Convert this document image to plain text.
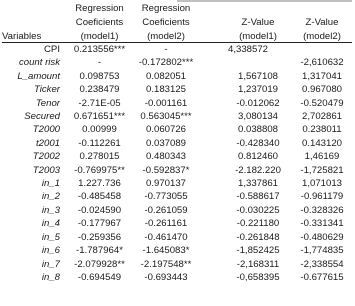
	Regression	Regression			
	Coeficients	Coeficients		Z-Value	Z-Value
Variables	(model1)	(model2)		(model1)	(model2)
CPI	0.213556***	-		4,338572	
count risk	-	-0.172802***			-2,610632
L_amount	0.098753	0.082051		1,567108	1,317041
Ticker	0.238479	0.183125		1,237019	0.967080
Tenor	-2.71E-05	-0.001161		-0.012062	-0.520479
Secured	0.671651***	0.563045***		3,080134	2,702861
T2000	0.00999	0.060726		0.038808	0.238011
t2001	-0.112261	0.037089		-0.428340	0.143120
T2002	0.278015	0.480343		0.812460	1,46169
T2003	-0.769975**	-0.592837*		-2.182.220	-1,725821
in_1	1.227.736	0.970137		1,337861	1,071013
in_2	-0.485458	-0.773055		-0.588617	-0.961179
in_3	-0.024590	-0.261059		-0.030225	-0.328326
in_4	-0.177967	-0.261161		-0.221180	-0.331341
in_5	-0.259356	-0.461470		-0.261848	-0.480629
in_6	-1.787964*	-1.645083*		-1,852425	-1,774835
in_7	-2.079928**	-2.197548**		-2,168311	-2,338554
in_8	-0.694549	-0.693443		-0,658395	-0.677615
